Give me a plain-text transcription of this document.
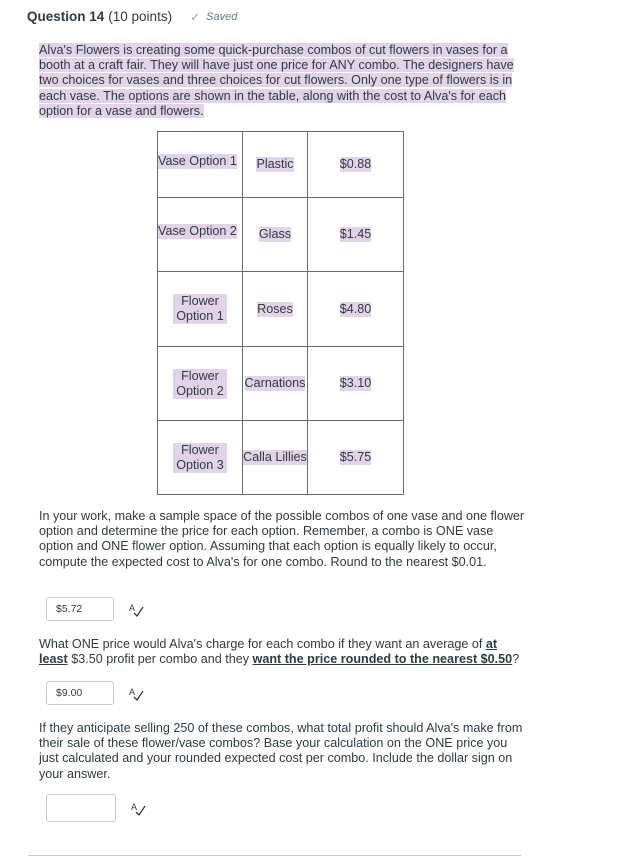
Question 14 (10 points) ✓ Saved
Alva's Flowers is creating some quick-purchase combos of cut flowers in vases for a booth at a craft fair. They will have just one price for ANY combo. The designers have two choices for vases and three choices for cut flowers. Only one type of flowers is in each vase. The options are shown in the table, along with the cost to Alva's for each option for a vase and flowers.
Vase Option 1	Plastic	$0.88
Vase Option 2	Glass	$1.45
Flower Option 1	Roses	$4.80
Flower Option 2	Carnations	$3.10
Flower Option 3	Calla Lillies	$5.75
In your work, make a sample space of the possible combos of one vase and one flower option and determine the price for each option. Remember, a combo is ONE vase option and ONE flower option. Assuming that each option is equally likely to occur, compute the expected cost to Alva's for one combo. Round to the nearest $0.01.
$5.72	A
What ONE price would Alva's charge for each combo if they want an average of at least $3.50 profit per combo and they want the price rounded to the nearest $0.50?
$9.00	A
If they anticipate selling 250 of these combos, what total profit should Alva's make from their sale of these flower/vase combos? Base your calculation on the ONE price you just calculated and your rounded expected cost per combo. Include the dollar sign on your answer.
A
